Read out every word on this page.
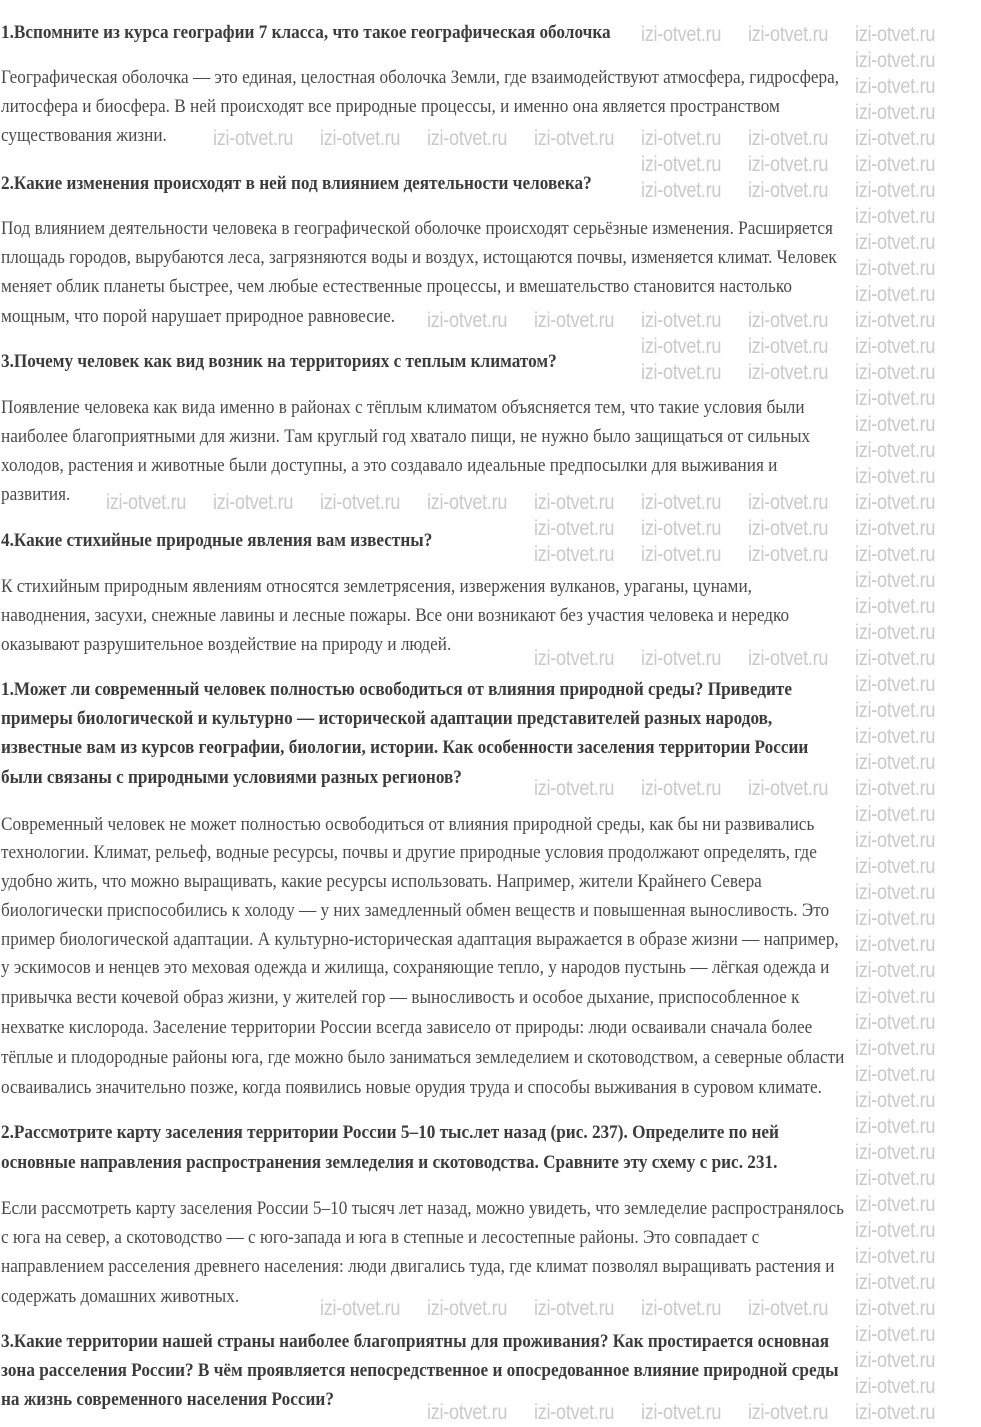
izi-otvet.ru izi-otvet.ru izi-otvet.ru
izi-otvet.ru
izi-otvet.ru
izi-otvet.ru
izi-otvet.ru izi-otvet.ru izi-otvet.ru izi-otvet.ru izi-otvet.ru izi-otvet.ru izi-otvet.ru
izi-otvet.ru izi-otvet.ru izi-otvet.ru
izi-otvet.ru izi-otvet.ru izi-otvet.ru
izi-otvet.ru
izi-otvet.ru
izi-otvet.ru
izi-otvet.ru
izi-otvet.ru izi-otvet.ru izi-otvet.ru izi-otvet.ru izi-otvet.ru
izi-otvet.ru izi-otvet.ru izi-otvet.ru
izi-otvet.ru izi-otvet.ru izi-otvet.ru
izi-otvet.ru
izi-otvet.ru
izi-otvet.ru
izi-otvet.ru
izi-otvet.ru izi-otvet.ru izi-otvet.ru izi-otvet.ru izi-otvet.ru izi-otvet.ru izi-otvet.ru izi-otvet.ru
izi-otvet.ru izi-otvet.ru izi-otvet.ru izi-otvet.ru
izi-otvet.ru izi-otvet.ru izi-otvet.ru izi-otvet.ru
izi-otvet.ru
izi-otvet.ru
izi-otvet.ru
izi-otvet.ru izi-otvet.ru izi-otvet.ru izi-otvet.ru
izi-otvet.ru
izi-otvet.ru
izi-otvet.ru
izi-otvet.ru
izi-otvet.ru izi-otvet.ru izi-otvet.ru izi-otvet.ru
izi-otvet.ru
izi-otvet.ru
izi-otvet.ru
izi-otvet.ru
izi-otvet.ru
izi-otvet.ru
izi-otvet.ru
izi-otvet.ru
izi-otvet.ru
izi-otvet.ru
izi-otvet.ru
izi-otvet.ru
izi-otvet.ru
izi-otvet.ru
izi-otvet.ru
izi-otvet.ru
izi-otvet.ru
izi-otvet.ru
izi-otvet.ru
izi-otvet.ru izi-otvet.ru izi-otvet.ru izi-otvet.ru izi-otvet.ru izi-otvet.ru
izi-otvet.ru
izi-otvet.ru
izi-otvet.ru
izi-otvet.ru izi-otvet.ru izi-otvet.ru izi-otvet.ru izi-otvet.ru
1.Вспомните из курса географии 7 класса, что такое географическая оболочка
Географическая оболочка — это единая, целостная оболочка Земли, где взаимодействуют атмосфера, гидросфера,
литосфера и биосфера. В ней происходят все природные процессы, и именно она является пространством
существования жизни.
2.Какие изменения происходят в ней под влиянием деятельности человека?
Под влиянием деятельности человека в географической оболочке происходят серьёзные изменения. Расширяется
площадь городов, вырубаются леса, загрязняются воды и воздух, истощаются почвы, изменяется климат. Человек
меняет облик планеты быстрее, чем любые естественные процессы, и вмешательство становится настолько
мощным, что порой нарушает природное равновесие.
3.Почему человек как вид возник на территориях с теплым климатом?
Появление человека как вида именно в районах с тёплым климатом объясняется тем, что такие условия были
наиболее благоприятными для жизни. Там круглый год хватало пищи, не нужно было защищаться от сильных
холодов, растения и животные были доступны, а это создавало идеальные предпосылки для выживания и
развития.
4.Какие стихийные природные явления вам известны?
К стихийным природным явлениям относятся землетрясения, извержения вулканов, ураганы, цунами,
наводнения, засухи, снежные лавины и лесные пожары. Все они возникают без участия человека и нередко
оказывают разрушительное воздействие на природу и людей.
1.Может ли современный человек полностью освободиться от влияния природной среды? Приведите
примеры биологической и культурно — исторической адаптации представителей разных народов,
известные вам из курсов географии, биологии, истории. Как особенности заселения территории России
были связаны с природными условиями разных регионов?
Современный человек не может полностью освободиться от влияния природной среды, как бы ни развивались
технологии. Климат, рельеф, водные ресурсы, почвы и другие природные условия продолжают определять, где
удобно жить, что можно выращивать, какие ресурсы использовать. Например, жители Крайнего Севера
биологически приспособились к холоду — у них замедленный обмен веществ и повышенная выносливость. Это
пример биологической адаптации. А культурно-историческая адаптация выражается в образе жизни — например,
у эскимосов и ненцев это меховая одежда и жилища, сохраняющие тепло, у народов пустынь — лёгкая одежда и
привычка вести кочевой образ жизни, у жителей гор — выносливость и особое дыхание, приспособленное к
нехватке кислорода. Заселение территории России всегда зависело от природы: люди осваивали сначала более
тёплые и плодородные районы юга, где можно было заниматься земледелием и скотоводством, а северные области
осваивались значительно позже, когда появились новые орудия труда и способы выживания в суровом климате.
2.Рассмотрите карту заселения территории России 5–10 тыс.лет назад (рис. 237). Определите по ней
основные направления распространения земледелия и скотоводства. Сравните эту схему с рис. 231.
Если рассмотреть карту заселения России 5–10 тысяч лет назад, можно увидеть, что земледелие распространялось
с юга на север, а скотоводство — с юго-запада и юга в степные и лесостепные районы. Это совпадает с
направлением расселения древнего населения: люди двигались туда, где климат позволял выращивать растения и
содержать домашних животных.
3.Какие территории нашей страны наиболее благоприятны для проживания? Как простирается основная
зона расселения России? В чём проявляется непосредственное и опосредованное влияние природной среды
на жизнь современного населения России?
